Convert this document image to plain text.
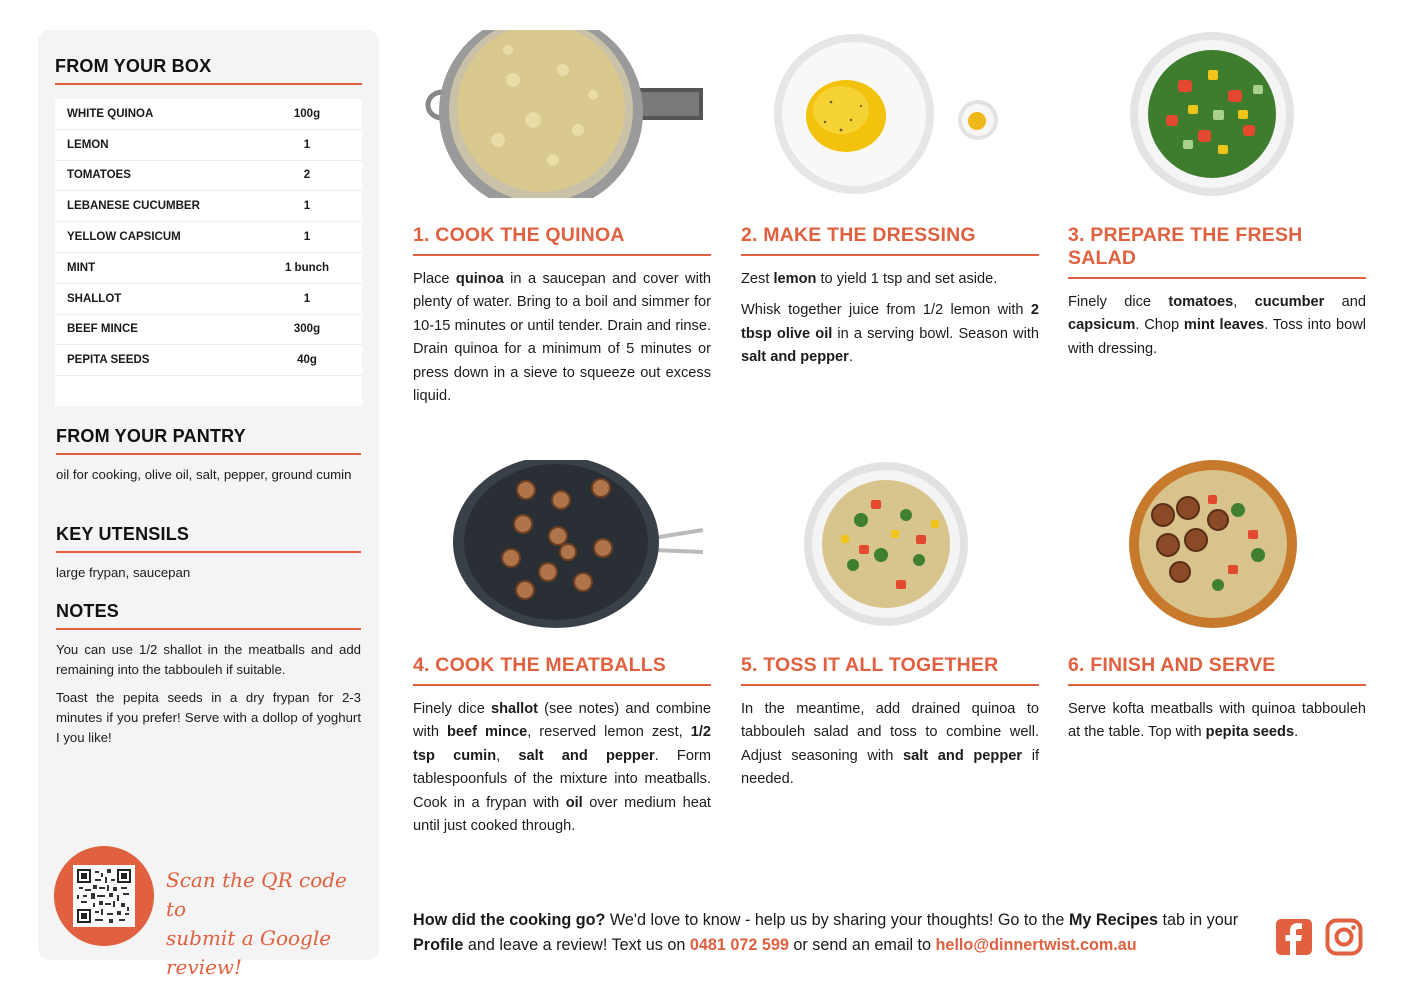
FROM YOUR BOX
WHITE QUINOA	100g
LEMON	1
TOMATOES	2
LEBANESE CUCUMBER	1
YELLOW CAPSICUM	1
MINT	1 bunch
SHALLOT	1
BEEF MINCE	300g
PEPITA SEEDS	40g
FROM YOUR PANTRY

oil for cooking, olive oil, salt, pepper, ground cumin

KEY UTENSILS

large frypan, saucepan

NOTES

You can use 1/2 shallot in the meatballs and add remaining into the tabbouleh if suitable.

Toast the pepita seeds in a dry frypan for 2-3 minutes if you prefer! Serve with a dollop of yoghurt I you like!

Scan the QR code to
submit a Google review!
1. COOK THE QUINOA

Place quinoa in a saucepan and cover with plenty of water. Bring to a boil and simmer for 10-15 minutes or until tender. Drain and rinse. Drain quinoa for a minimum of 5 minutes or press down in a sieve to squeeze out excess liquid.

2. MAKE THE DRESSING

Zest lemon to yield 1 tsp and set aside.

Whisk together juice from 1/2 lemon with 2 tbsp olive oil in a serving bowl. Season with salt and pepper.

3. PREPARE THE FRESH SALAD

Finely dice tomatoes, cucumber and capsicum. Chop mint leaves. Toss into bowl with dressing.

4. COOK THE MEATBALLS

Finely dice shallot (see notes) and combine with beef mince, reserved lemon zest, 1/2 tsp cumin, salt and pepper. Form tablespoonfuls of the mixture into meatballs. Cook in a frypan with oil over medium heat until just cooked through.

5. TOSS IT ALL TOGETHER

In the meantime, add drained quinoa to tabbouleh salad and toss to combine well. Adjust seasoning with salt and pepper if needed.

6. FINISH AND SERVE

Serve kofta meatballs with quinoa tabbouleh at the table. Top with pepita seeds.

How did the cooking go? We'd love to know - help us by sharing your thoughts! Go to the My Recipes tab in your Profile and leave a review! Text us on 0481 072 599 or send an email to hello@dinnertwist.com.au
